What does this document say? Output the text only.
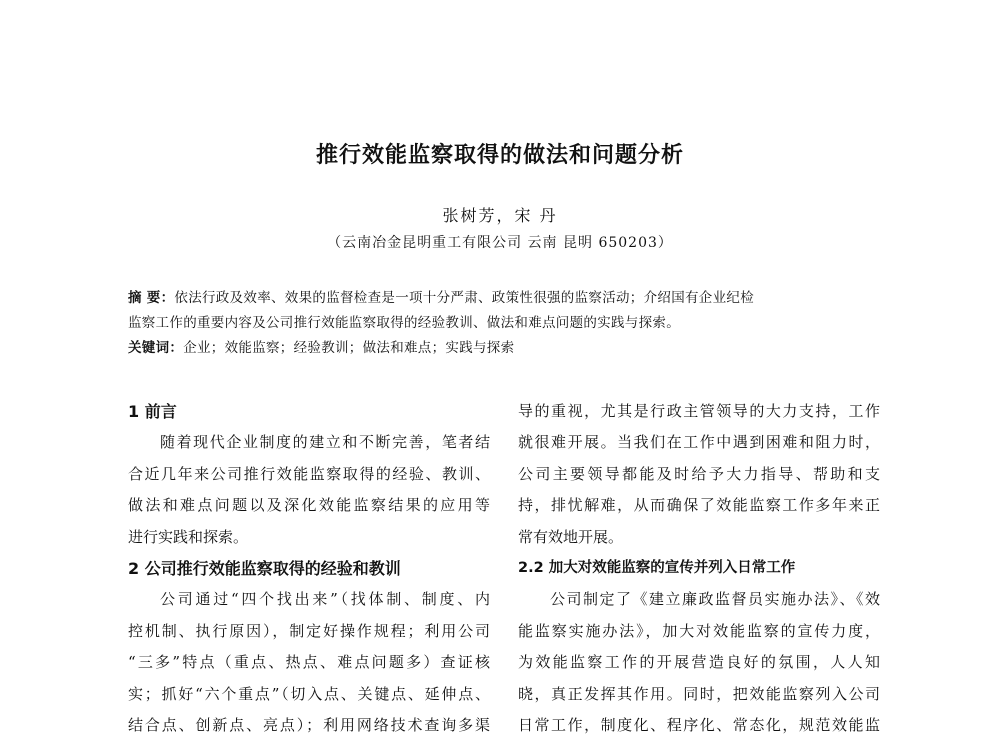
推行效能监察取得的做法和问题分析
张树芳，宋 丹
（云南冶金昆明重工有限公司 云南 昆明 650203）
摘 要：依法行政及效率、效果的监督检查是一项十分严肃、政策性很强的监察活动；介绍国有企业纪检
监察工作的重要内容及公司推行效能监察取得的经验教训、做法和难点问题的实践与探索。
关键词：企业；效能监察；经验教训；做法和难点；实践与探索
1 前言
随着现代企业制度的建立和不断完善，笔者结
合近几年来公司推行效能监察取得的经验、教训、
做法和难点问题以及深化效能监察结果的应用等
进行实践和探索。
2 公司推行效能监察取得的经验和教训
公司通过“四个找出来”（找体制、制度、内
控机制、执行原因），制定好操作规程；利用公司
“三多”特点（重点、热点、难点问题多）查证核
实；抓好“六个重点”（切入点、关键点、延伸点、
结合点、创新点、亮点）；利用网络技术查询多渠
导的重视，尤其是行政主管领导的大力支持，工作
就很难开展。当我们在工作中遇到困难和阻力时，
公司主要领导都能及时给予大力指导、帮助和支
持，排忧解难，从而确保了效能监察工作多年来正
常有效地开展。
2.2 加大对效能监察的宣传并列入日常工作
公司制定了《建立廉政监督员实施办法》、《效
能监察实施办法》，加大对效能监察的宣传力度，
为效能监察工作的开展营造良好的氛围，人人知
晓，真正发挥其作用。同时，把效能监察列入公司
日常工作，制度化、程序化、常态化，规范效能监
